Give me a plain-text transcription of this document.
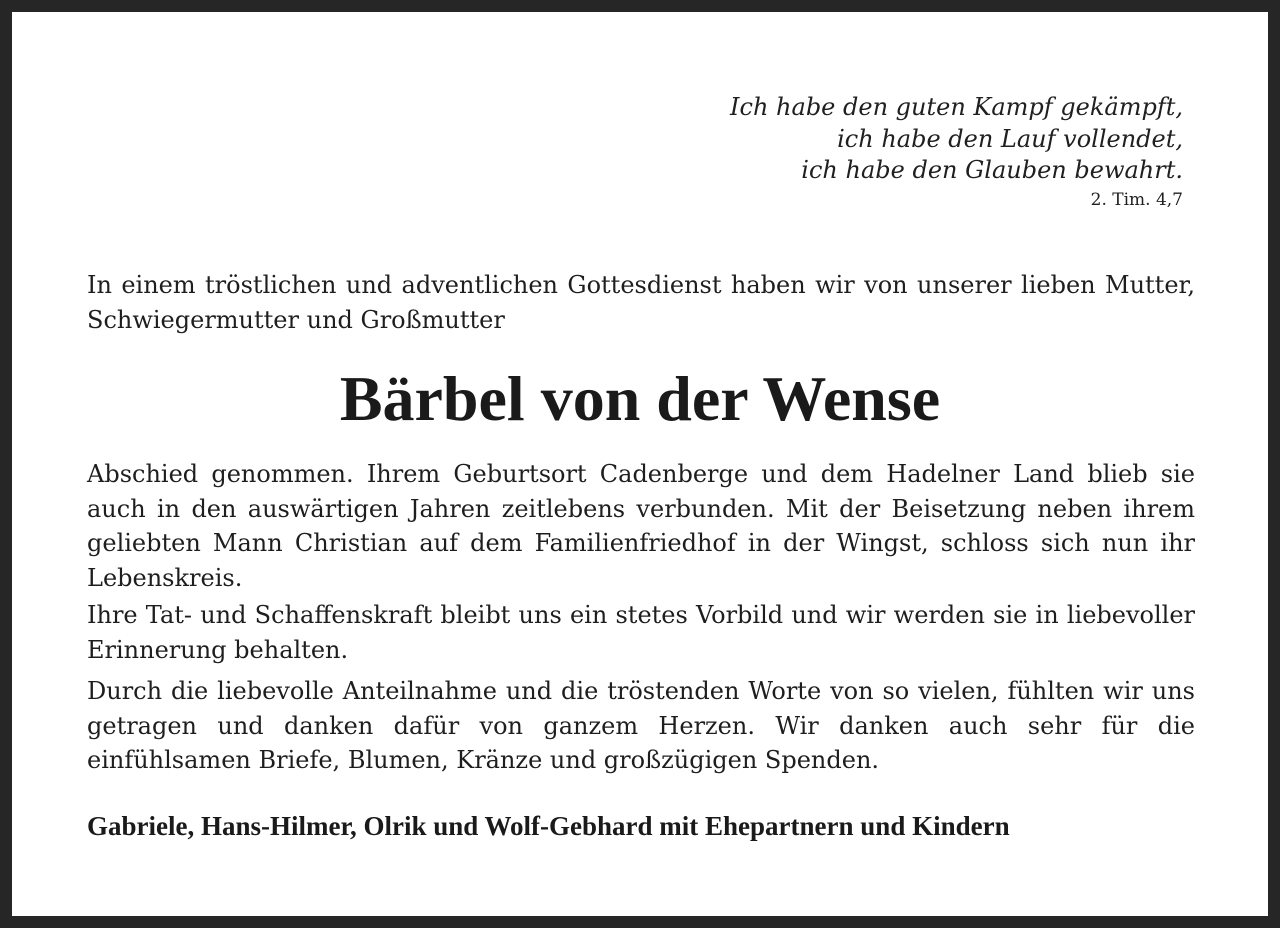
Ich habe den guten Kampf gekämpft,
ich habe den Lauf vollendet,
ich habe den Glauben bewahrt.
2. Tim. 4,7
In einem tröstlichen und adventlichen Gottesdienst haben wir von unserer lieben Mutter, Schwiegermutter und Großmutter
Bärbel von der Wense
Abschied genommen. Ihrem Geburtsort Cadenberge und dem Hadelner Land blieb sie auch in den auswärtigen Jahren zeitlebens verbunden. Mit der Beisetzung neben ihrem geliebten Mann Christian auf dem Familienfriedhof in der Wingst, schloss sich nun ihr Lebenskreis.
Ihre Tat- und Schaffenskraft bleibt uns ein stetes Vorbild und wir werden sie in liebevoller Erinnerung behalten.
Durch die liebevolle Anteilnahme und die tröstenden Worte von so vielen, fühlten wir uns getragen und danken dafür von ganzem Herzen. Wir danken auch sehr für die einfühlsamen Briefe, Blumen, Kränze und großzügigen Spenden.
Gabriele, Hans-Hilmer, Olrik und Wolf-Gebhard mit Ehepartnern und Kindern
